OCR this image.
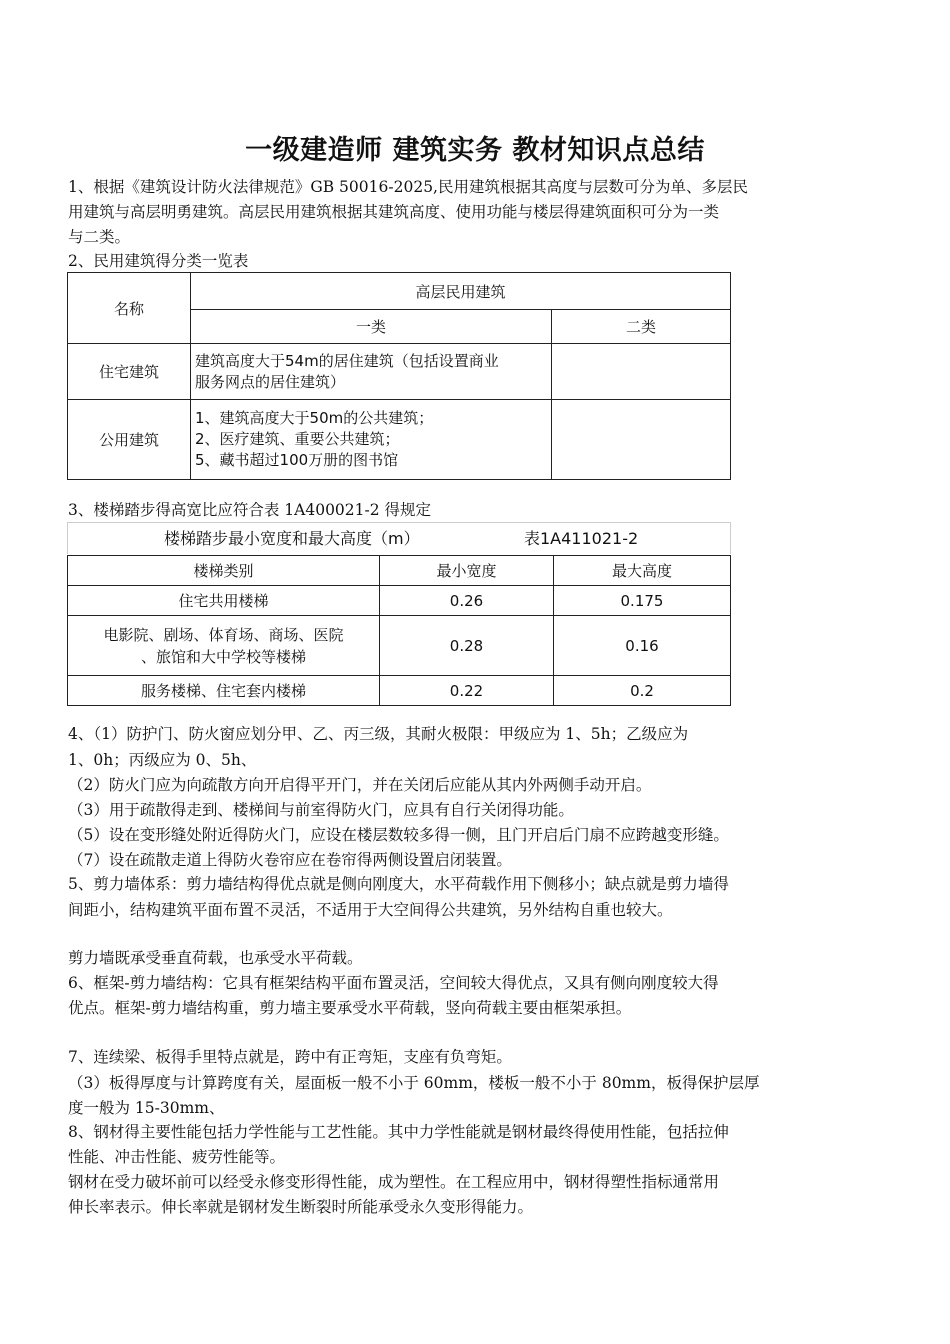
一级建造师 建筑实务 教材知识点总结
1、根据《建筑设计防火法律规范》GB 50016-2025,民用建筑根据其高度与层数可分为单、多层民
用建筑与高层明勇建筑。高层民用建筑根据其建筑高度、使用功能与楼层得建筑面积可分为一类
与二类。
2、民用建筑得分类一览表
名称	高层民用建筑	
	一类	二类
住宅建筑	建筑高度大于54m的居住建筑（包括设置商业
服务网点的居住建筑）	

公用建筑	1、建筑高度大于50m的公共建筑；
2、医疗建筑、重要公共建筑；
5、藏书超过100万册的图书馆	

3、楼梯踏步得高宽比应符合表 1A400021-2 得规定
楼梯踏步最小宽度和最大高度（m）	表1A411021-2
楼梯类别	最小宽度	最大高度
住宅共用楼梯	0.26	0.175

电影院、剧场、体育场、商场、医院
、旅馆和大中学校等楼梯	0.28	0.16
服务楼梯、住宅套内楼梯	0.22	0.2
4、（1）防护门、防火窗应划分甲、乙、丙三级，其耐火极限：甲级应为 1、5h；乙级应为
1、0h；丙级应为 0、5h、
（2）防火门应为向疏散方向开启得平开门，并在关闭后应能从其内外两侧手动开启。
（3）用于疏散得走到、楼梯间与前室得防火门，应具有自行关闭得功能。
（5）设在变形缝处附近得防火门，应设在楼层数较多得一侧，且门开启后门扇不应跨越变形缝。
（7）设在疏散走道上得防火卷帘应在卷帘得两侧设置启闭装置。
5、剪力墙体系：剪力墙结构得优点就是侧向刚度大，水平荷载作用下侧移小；缺点就是剪力墙得
间距小，结构建筑平面布置不灵活，不适用于大空间得公共建筑，另外结构自重也较大。
剪力墙既承受垂直荷载，也承受水平荷载。
6、框架-剪力墙结构：它具有框架结构平面布置灵活，空间较大得优点，又具有侧向刚度较大得
优点。框架-剪力墙结构重，剪力墙主要承受水平荷载，竖向荷载主要由框架承担。
7、连续梁、板得手里特点就是，跨中有正弯矩，支座有负弯矩。
（3）板得厚度与计算跨度有关，屋面板一般不小于 60mm，楼板一般不小于 80mm，板得保护层厚
度一般为 15-30mm、
8、钢材得主要性能包括力学性能与工艺性能。其中力学性能就是钢材最终得使用性能，包括拉伸
性能、冲击性能、疲劳性能等。
钢材在受力破坏前可以经受永修变形得性能，成为塑性。在工程应用中，钢材得塑性指标通常用
伸长率表示。伸长率就是钢材发生断裂时所能承受永久变形得能力。
